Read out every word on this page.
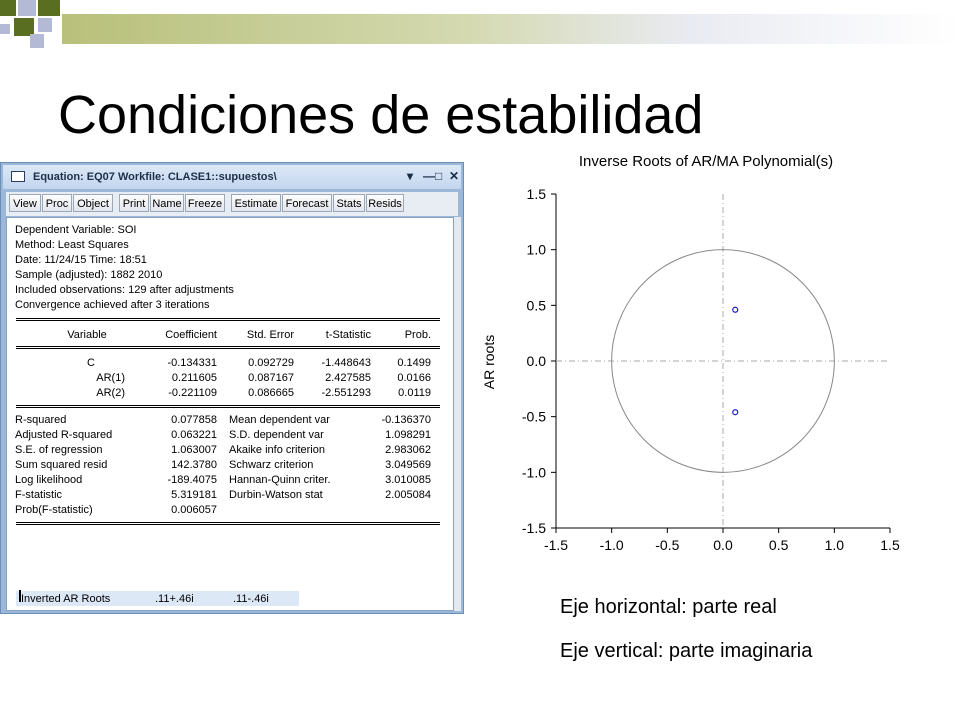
Condiciones de estabilidad
Equation: EQ07 Workfile: CLASE1::supuestos\	▾ — □ ✕
View Proc Object	Print Name Freeze	Estimate Forecast Stats Resids
Dependent Variable: SOI
Method: Least Squares
Date: 11/24/15 Time: 18:51
Sample (adjusted): 1882 2010
Included observations: 129 after adjustments
Convergence achieved after 3 iterations
Variable	Coefficient	Std. Error	t-Statistic	Prob.
C	-0.134331	0.092729	-1.448643	0.1499
AR(1)	0.211605	0.087167	2.427585	0.0166
AR(2)	-0.221109	0.086665	-2.551293	0.0119
R-squared	0.077858 Mean dependent var	-0.136370
Adjusted R-squared	0.063221 S.D. dependent var	1.098291
S.E. of regression	1.063007 Akaike info criterion	2.983062
Sum squared resid	142.3780 Schwarz criterion	3.049569
Log likelihood	-189.4075 Hannan-Quinn criter.	3.010085
F-statistic	5.319181 Durbin-Watson stat	2.005084
Prob(F-statistic)	0.006057
Inverted AR Roots	.11+.46i	.11-.46i
Inverse Roots of AR/MA Polynomial(s)
AR roots
1.5
1.0
0.5
0.0
-0.5
-1.0
-1.5
-1.5 -1.0 -0.5 0.0	0.5	1.0	1.5
Eje horizontal: parte real
Eje vertical: parte imaginaria
